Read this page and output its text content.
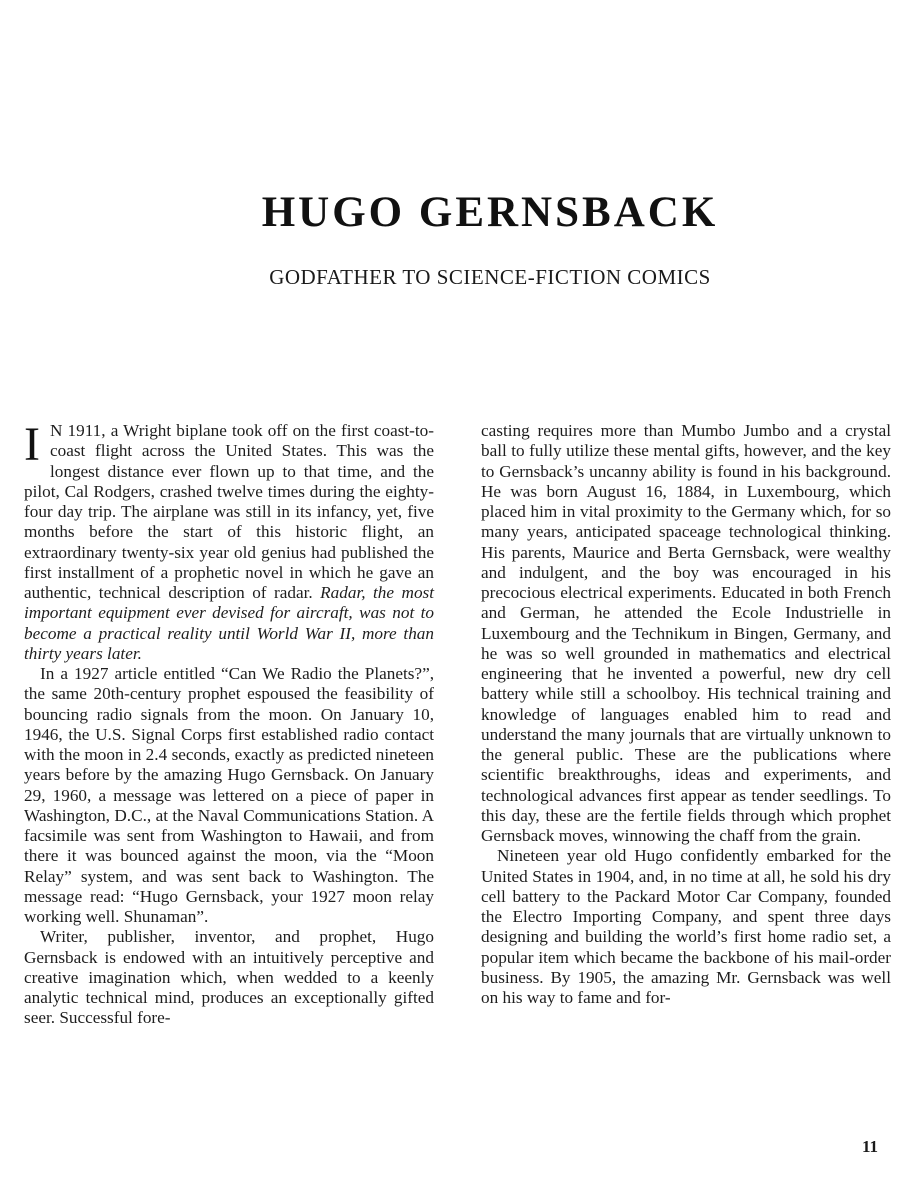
HUGO GERNSBACK
GODFATHER TO SCIENCE-FICTION COMICS

I N 1911, a Wright biplane took off on the first coast-to-coast flight across the United States. This was the longest distance ever flown up to that time, and the pilot, Cal Rodgers, crashed twelve times during the eighty-four day trip. The airplane was still in its infancy, yet, five months before the start of this historic flight, an extraordinary twenty-six year old genius had published the first installment of a prophetic novel in which he gave an authentic, technical description of radar. Radar, the most important equipment ever devised for aircraft, was not to become a practical reality until World War II, more than thirty years later.

In a 1927 article entitled “Can We Radio the Planets?”, the same 20th-century prophet espoused the feasibility of bouncing radio signals from the moon. On January 10, 1946, the U.S. Signal Corps first established radio contact with the moon in 2.4 seconds, exactly as predicted nineteen years before by the amazing Hugo Gernsback. On January 29, 1960, a message was lettered on a piece of paper in Washington, D.C., at the Naval Communications Station. A facsimile was sent from Washington to Hawaii, and from there it was bounced against the moon, via the “Moon Relay” system, and was sent back to Washington. The message read: “Hugo Gernsback, your 1927 moon relay working well. Shunaman”.

Writer, publisher, inventor, and prophet, Hugo Gernsback is endowed with an intuitively perceptive and creative imagination which, when wedded to a keenly analytic technical mind, produces an exceptionally gifted seer. Successful fore-

casting requires more than Mumbo Jumbo and a crystal ball to fully utilize these mental gifts, however, and the key to Gernsback’s uncanny ability is found in his background. He was born August 16, 1884, in Luxembourg, which placed him in vital proximity to the Germany which, for so many years, anticipated spaceage technological thinking. His parents, Maurice and Berta Gernsback, were wealthy and indulgent, and the boy was encouraged in his precocious electrical experiments. Educated in both French and German, he attended the Ecole Industrielle in Luxembourg and the Technikum in Bingen, Germany, and he was so well grounded in mathematics and electrical engineering that he invented a powerful, new dry cell battery while still a schoolboy. His technical training and knowledge of languages enabled him to read and understand the many journals that are virtually unknown to the general public. These are the publications where scientific breakthroughs, ideas and experiments, and technological advances first appear as tender seedlings. To this day, these are the fertile fields through which prophet Gernsback moves, winnowing the chaff from the grain.

Nineteen year old Hugo confidently embarked for the United States in 1904, and, in no time at all, he sold his dry cell battery to the Packard Motor Car Company, founded the Electro Importing Company, and spent three days designing and building the world’s first home radio set, a popular item which became the backbone of his mail-order business. By 1905, the amazing Mr. Gernsback was well on his way to fame and for-

11
